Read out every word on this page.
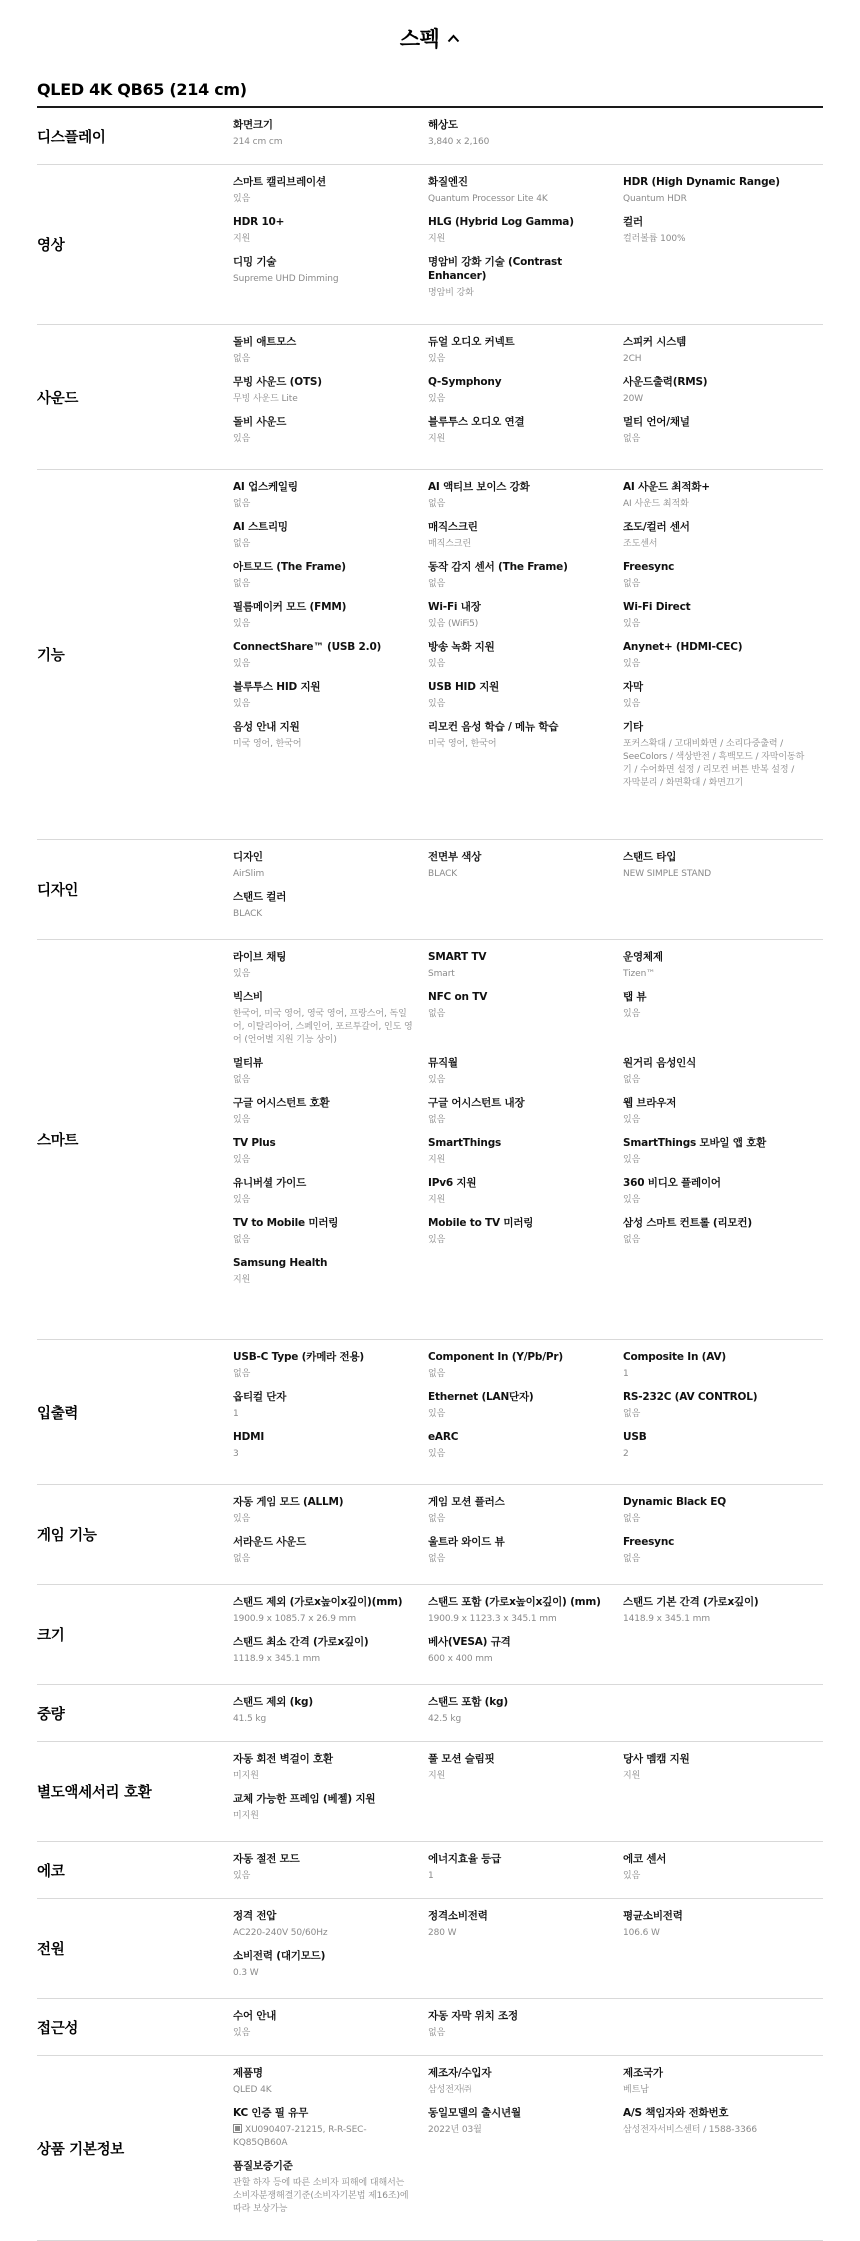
스펙
QLED 4K QB65 (214 cm)
디스플레이
화면크기
214 cm cm
해상도
3,840 x 2,160
영상
스마트 캘리브레이션
있음
화질엔진
Quantum Processor Lite 4K
HDR (High Dynamic Range)
Quantum HDR
HDR 10+
지원
HLG (Hybrid Log Gamma)
지원
컬러
컬러볼륨 100%
디밍 기술
Supreme UHD Dimming
명암비 강화 기술 (Contrast Enhancer)
명암비 강화
사운드
돌비 애트모스
없음
듀얼 오디오 커넥트
있음
스피커 시스템
2CH
무빙 사운드 (OTS)
무빙 사운드 Lite
Q-Symphony
있음
사운드출력(RMS)
20W
돌비 사운드
있음
블루투스 오디오 연결
지원
멀티 언어/채널
없음
기능
AI 업스케일링
없음
AI 액티브 보이스 강화
없음
AI 사운드 최적화+
AI 사운드 최적화
AI 스트리밍
없음
매직스크린
매직스크린
조도/컬러 센서
조도센서
아트모드 (The Frame)
없음
동작 감지 센서 (The Frame)
없음
Freesync
없음
필름메이커 모드 (FMM)
있음
Wi-Fi 내장
있음 (WiFi5)
Wi-Fi Direct
있음
ConnectShare™ (USB 2.0)
있음
방송 녹화 지원
있음
Anynet+ (HDMI-CEC)
있음
블루투스 HID 지원
있음
USB HID 지원
있음
자막
있음
음성 안내 지원
미국 영어, 한국어
리모컨 음성 학습 / 메뉴 학습
미국 영어, 한국어
기타
포커스확대 / 고대비화면 / 소리다중출력 / SeeColors / 색상반전 / 흑백모드 / 자막이동하기 / 수어화면 설정 / 리모컨 버튼 반복 설정 / 자막분리 / 화면확대 / 화면끄기
디자인
디자인
AirSlim
전면부 색상
BLACK
스탠드 타입
NEW SIMPLE STAND
스탠드 컬러
BLACK
스마트
라이브 채팅
있음
SMART TV
Smart
운영체제
Tizen™
빅스비
한국어, 미국 영어, 영국 영어, 프랑스어, 독일어, 이탈리아어, 스페인어, 포르투갈어, 인도 영어 (언어별 지원 기능 상이)
NFC on TV
없음
탭 뷰
있음
멀티뷰
없음
뮤직월
있음
원거리 음성인식
없음
구글 어시스턴트 호환
있음
구글 어시스턴트 내장
없음
웹 브라우저
있음
TV Plus
있음
SmartThings
지원
SmartThings 모바일 앱 호환
있음
유니버셜 가이드
있음
IPv6 지원
지원
360 비디오 플레이어
있음
TV to Mobile 미러링
없음
Mobile to TV 미러링
있음
삼성 스마트 컨트롤 (리모컨)
없음
Samsung Health
지원
입출력
USB-C Type (카메라 전용)
없음
Component In (Y/Pb/Pr)
없음
Composite In (AV)
1
옵티컬 단자
1
Ethernet (LAN단자)
있음
RS-232C (AV CONTROL)
없음
HDMI
3
eARC
있음
USB
2
게임 기능
자동 게임 모드 (ALLM)
있음
게임 모션 플러스
없음
Dynamic Black EQ
없음
서라운드 사운드
없음
울트라 와이드 뷰
없음
Freesync
없음
크기
스탠드 제외 (가로x높이x깊이)(mm)
1900.9 x 1085.7 x 26.9 mm
스탠드 포함 (가로x높이x깊이) (mm)
1900.9 x 1123.3 x 345.1 mm
스탠드 기본 간격 (가로x깊이)
1418.9 x 345.1 mm
스탠드 최소 간격 (가로x깊이)
1118.9 x 345.1 mm
베사(VESA) 규격
600 x 400 mm
중량
스탠드 제외 (kg)
41.5 kg
스탠드 포함 (kg)
42.5 kg
별도액세서리 호환
자동 회전 벽걸이 호환
미지원
풀 모션 슬림핏
지원
당사 멤캠 지원
지원
교체 가능한 프레임 (베젤) 지원
미지원
에코
자동 절전 모드
있음
에너지효율 등급
1
에코 센서
있음
전원
정격 전압
AC220-240V 50/60Hz
정격소비전력
280 W
평균소비전력
106.6 W
소비전력 (대기모드)
0.3 W
접근성
수어 안내
있음
자동 자막 위치 조정
없음
상품 기본정보
제품명
QLED 4K
제조자/수입자
삼성전자㈜
제조국가
베트남
KC 인증 필 유무
XU090407-21215, R-R-SEC-KQ85QB60A
동일모델의 출시년월
2022년 03월
A/S 책임자와 전화번호
삼성전자서비스센터 / 1588-3366
품질보증기준
관할 하자 등에 따른 소비자 피해에 대해서는 소비자분쟁해결기준(소비자기본법 제16조)에 따라 보상가능
